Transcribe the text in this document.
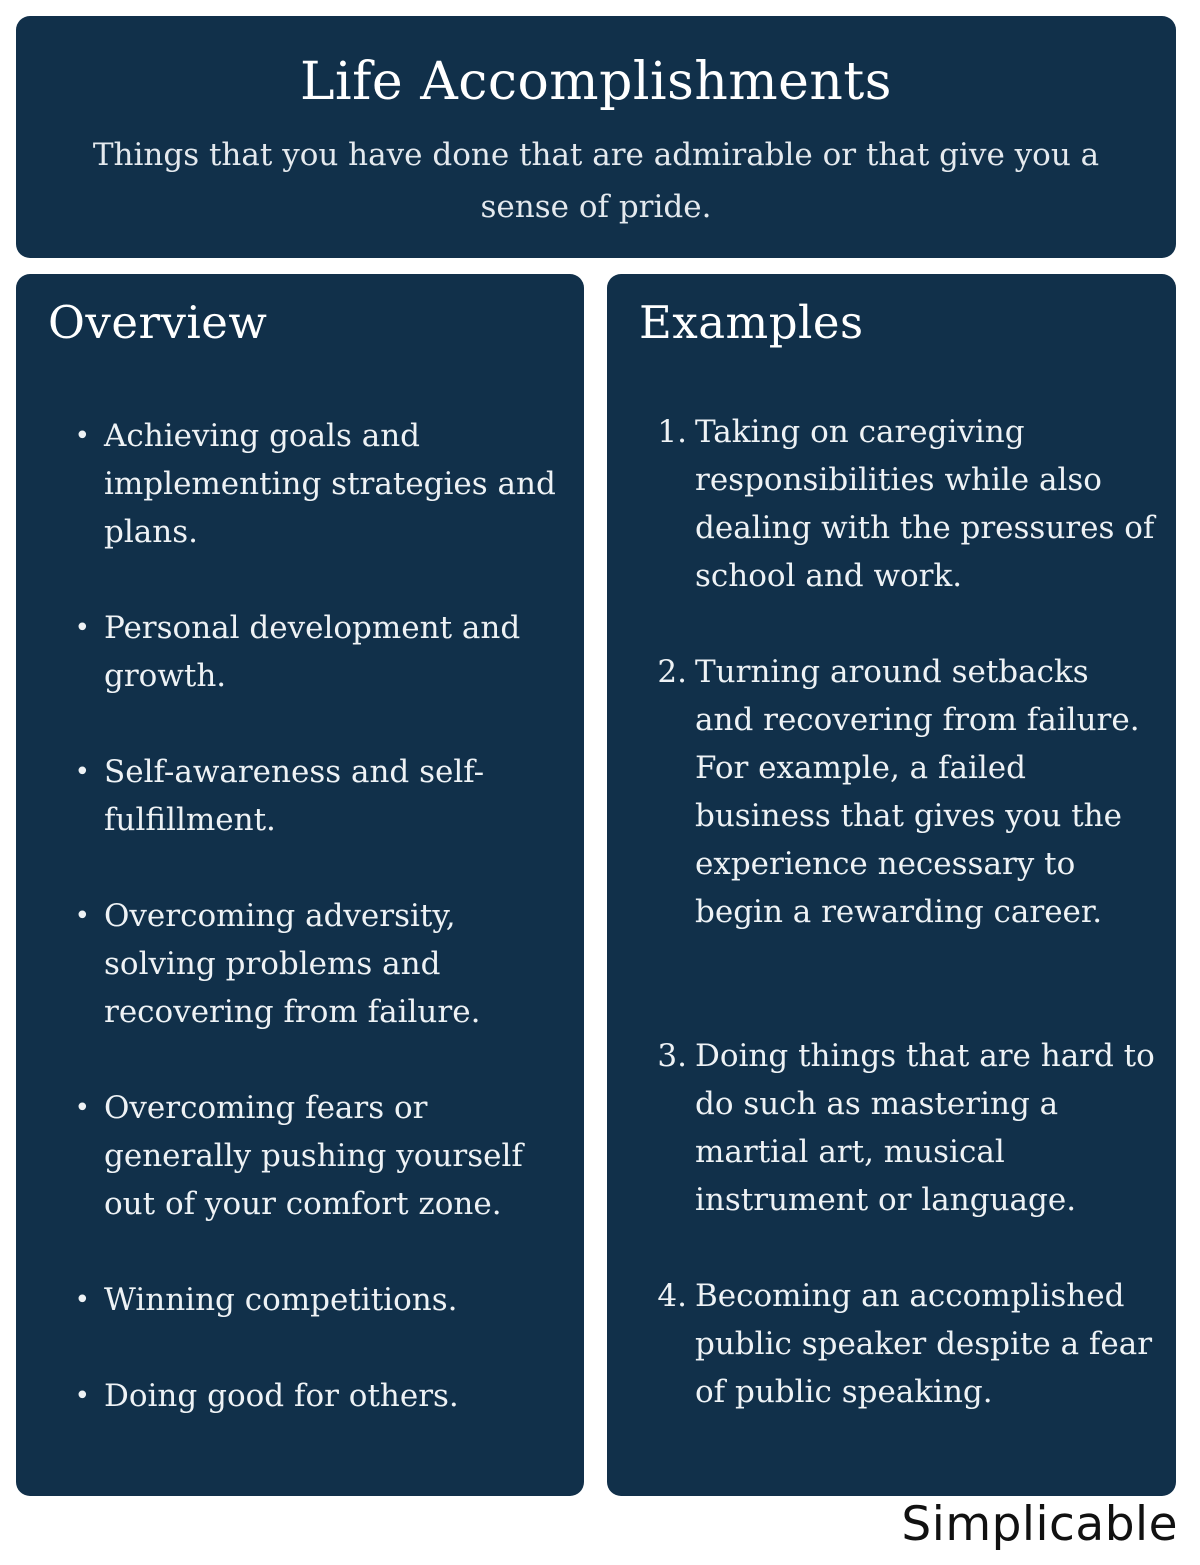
Life Accomplishments

Things that you have done that are admirable or that give you a sense of pride.

Overview
• Achieving goals and implementing strategies and plans.
• Personal development and growth.
• Self-awareness and self-fulfillment.
• Overcoming adversity, solving problems and recovering from failure.
• Overcoming fears or generally pushing yourself out of your comfort zone.
• Winning competitions.
• Doing good for others.
Examples
1. Taking on caregiving responsibilities while also dealing with the pressures of school and work.
2. Turning around setbacks and recovering from failure. For example, a failed business that gives you the experience necessary to begin a rewarding career.
3. Doing things that are hard to do such as mastering a martial art, musical instrument or language.
4. Becoming an accomplished public speaker despite a fear of public speaking.
Simplicable
